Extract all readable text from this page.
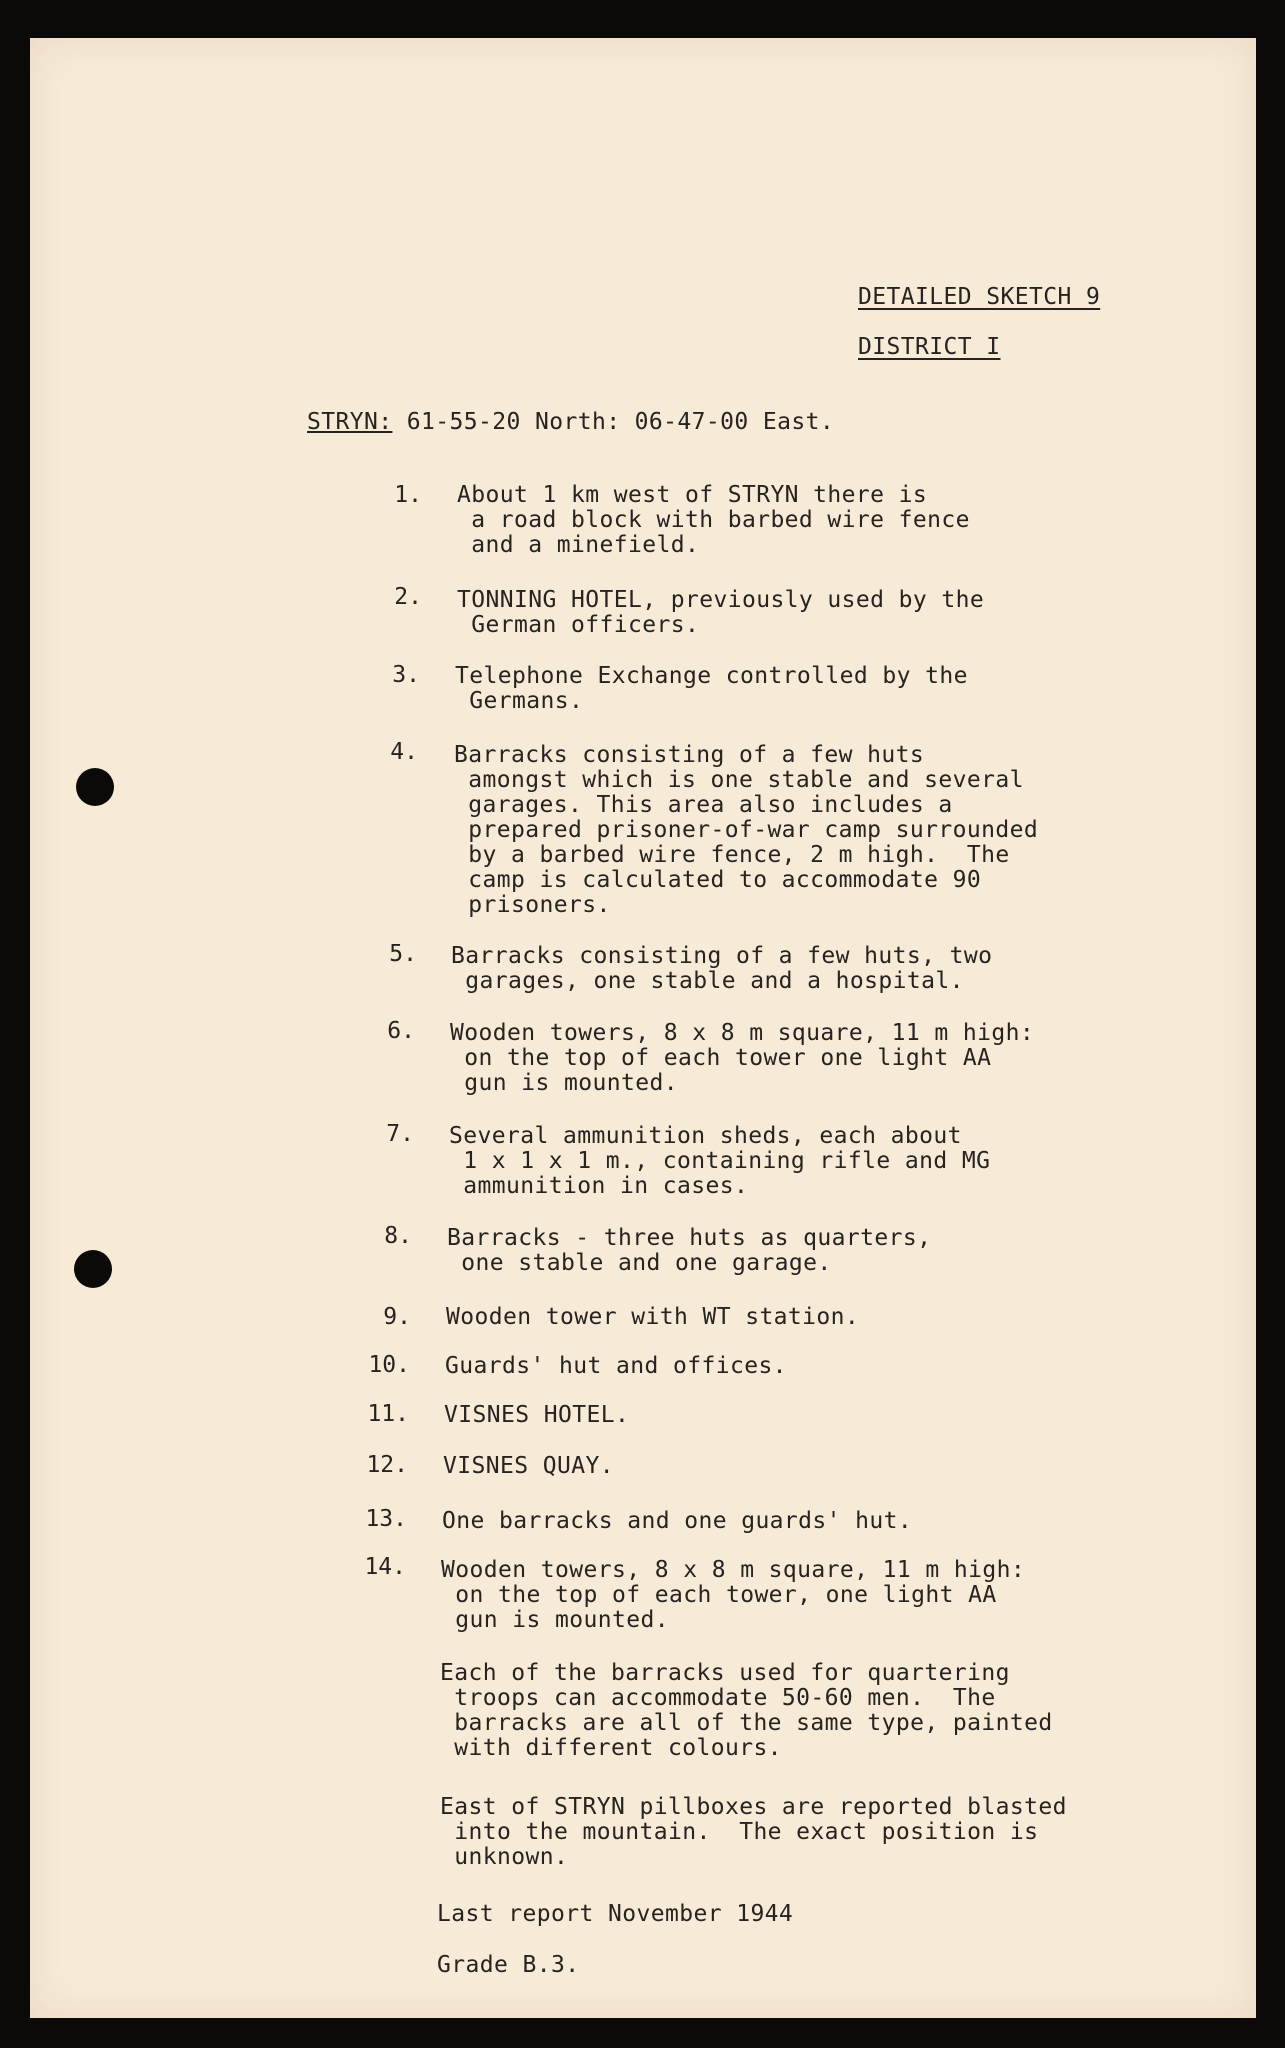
DETAILED SKETCH 9
DISTRICT I
STRYN: 61-55-20 North: 06-47-00 East.
1. About 1 km west of STRYN there is
a road block with barbed wire fence
and a minefield.
2. TONNING HOTEL, previously used by the
German officers.
3. Telephone Exchange controlled by the
Germans.
4. Barracks consisting of a few huts
amongst which is one stable and several
garages. This area also includes a
prepared prisoner-of-war camp surrounded
by a barbed wire fence, 2 m high.  The
camp is calculated to accommodate 90
prisoners.
5. Barracks consisting of a few huts, two
garages, one stable and a hospital.
6. Wooden towers, 8 x 8 m square, 11 m high:
on the top of each tower one light AA
gun is mounted.
7. Several ammunition sheds, each about
1 x 1 x 1 m., containing rifle and MG
ammunition in cases.
8. Barracks - three huts as quarters,
one stable and one garage.
9. Wooden tower with WT station.
10. Guards' hut and offices.
11. VISNES HOTEL.
12. VISNES QUAY.
13. One barracks and one guards' hut.
14. Wooden towers, 8 x 8 m square, 11 m high:
on the top of each tower, one light AA
gun is mounted.
Each of the barracks used for quartering
troops can accommodate 50-60 men.  The
barracks are all of the same type, painted
with different colours.
East of STRYN pillboxes are reported blasted
into the mountain.  The exact position is
unknown.
Last report November 1944
Grade B.3.
